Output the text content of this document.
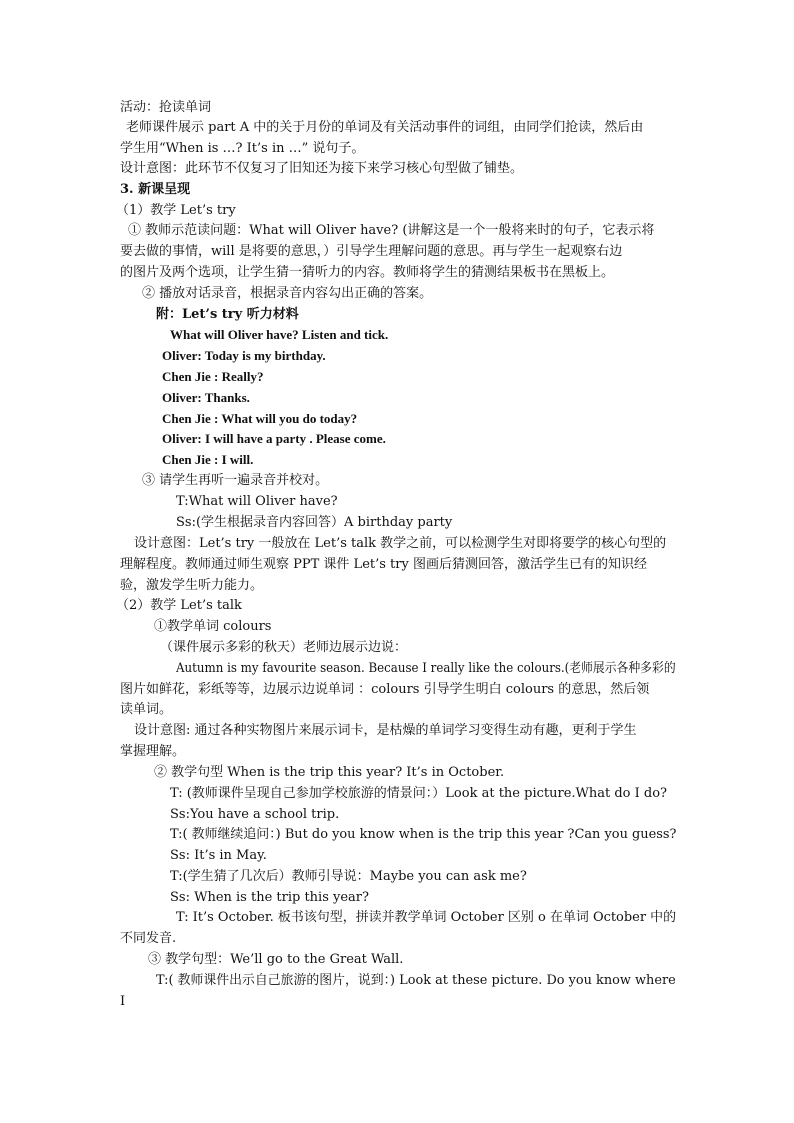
活动：抢读单词
老师课件展示 part A 中的关于月份的单词及有关活动事件的词组，由同学们抢读，然后由
学生用“When is …? It’s in …” 说句子。
设计意图：此环节不仅复习了旧知还为接下来学习核心句型做了铺垫。
3. 新课呈现
（1）教学 Let’s try
① 教师示范读问题：What will Oliver have? (讲解这是一个一般将来时的句子，它表示将
要去做的事情，will 是将要的意思，）引导学生理解问题的意思。再与学生一起观察右边
的图片及两个选项，让学生猜一猜听力的内容。教师将学生的猜测结果板书在黑板上。
② 播放对话录音，根据录音内容勾出正确的答案。
附：Let’s try 听力材料
What will Oliver have? Listen and tick.
Oliver: Today is my birthday.
Chen Jie : Really?
Oliver: Thanks.
Chen Jie : What will you do today?
Oliver: I will have a party . Please come.
Chen Jie : I will.
③ 请学生再听一遍录音并校对。
T:What will Oliver have?
Ss:(学生根据录音内容回答）A birthday party
设计意图：Let’s try 一般放在 Let’s talk 教学之前，可以检测学生对即将要学的核心句型的
理解程度。教师通过师生观察 PPT 课件 Let’s try 图画后猜测回答，激活学生已有的知识经
验，激发学生听力能力。
（2）教学 Let’s talk
①教学单词 colours
（课件展示多彩的秋天）老师边展示边说：
Autumn is my favourite season. Because I really like the colours.(老师展示各种多彩的
图片如鲜花，彩纸等等，边展示边说单词 ：colours 引导学生明白 colours 的意思，然后领
读单词。
设计意图: 通过各种实物图片来展示词卡，是枯燥的单词学习变得生动有趣，更利于学生
掌握理解。
② 教学句型 When is the trip this year? It’s in October.
T: (教师课件呈现自己参加学校旅游的情景问：）Look at the picture.What do I do?
Ss:You have a school trip.
T:( 教师继续追问：) But do you know when is the trip this year ?Can you guess?
Ss: It’s in May.
T:(学生猜了几次后）教师引导说：Maybe you can ask me?
Ss: When is the trip this year?
T: It’s October. 板书该句型，拼读并教学单词 October 区别 o 在单词 October 中的
不同发音.
③ 教学句型：We’ll go to the Great Wall.
T:( 教师课件出示自己旅游的图片，说到：) Look at these picture. Do you know where
I
